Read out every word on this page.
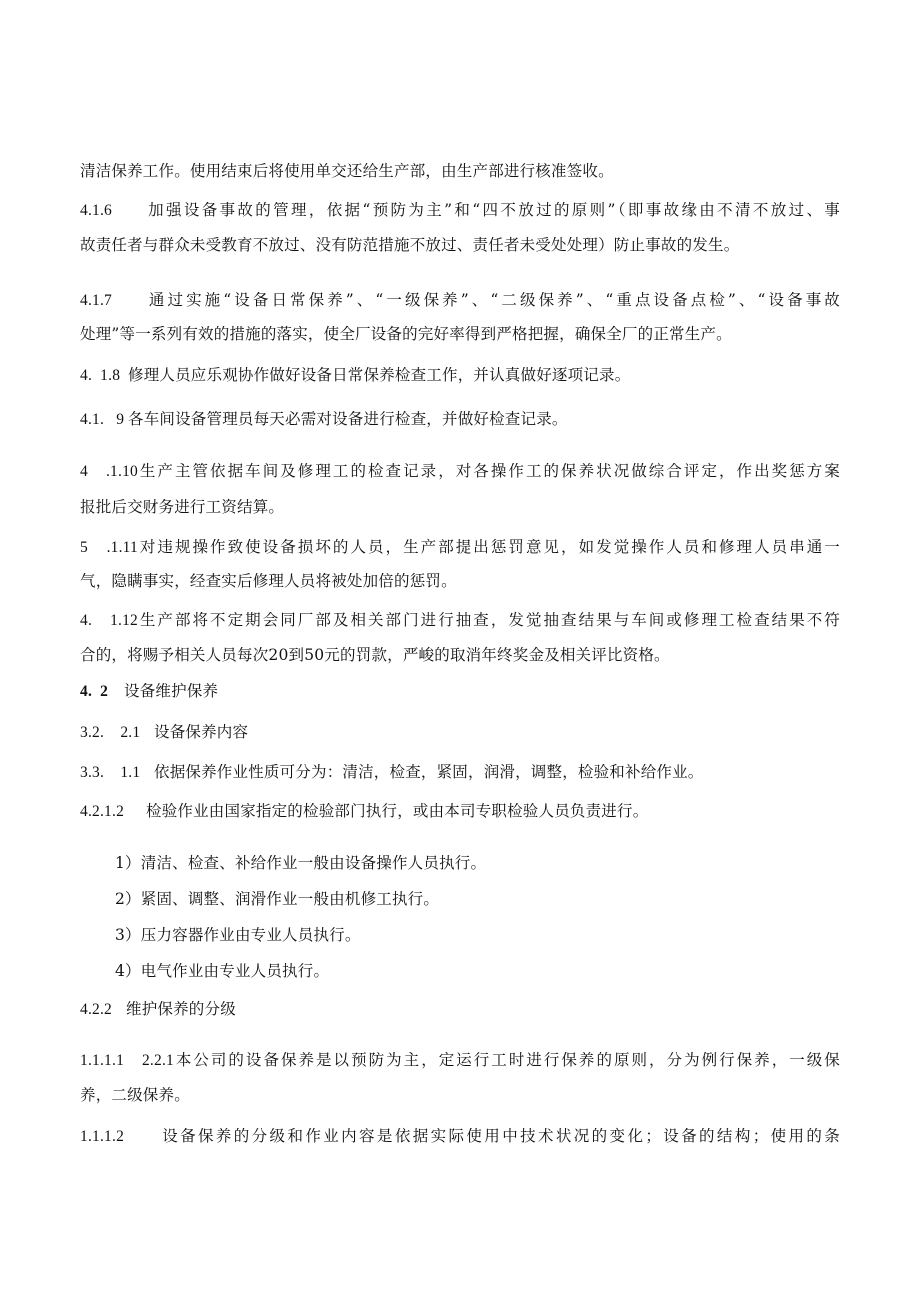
清洁保养工作。使用结束后将使用单交还给生产部，由生产部进行核准签收。
4.1.6 加强设备事故的管理，依据“预防为主”和“四不放过的原则”（即事故缘由不清不放过、事
故责任者与群众未受教育不放过、没有防范措施不放过、责任者未受处处理）防止事故的发生。
4.1.7 通过实施“设备日常保养”、“一级保养”、“二级保养”、“重点设备点检”、“设备事故
处理”等一系列有效的措施的落实，使全厂设备的完好率得到严格把握，确保全厂的正常生产。
4.  1.8 修理人员应乐观协作做好设备日常保养检查工作，并认真做好逐项记录。
4.1.   9 各车间设备管理员每天必需对设备进行检查，并做好检查记录。
4   .1.10生产主管依据车间及修理工的检查记录，对各操作工的保养状况做综合评定，作出奖惩方案
报批后交财务进行工资结算。
5   .1.11对违规操作致使设备损坏的人员，生产部提出惩罚意见，如发觉操作人员和修理人员串通一
气，隐瞒事实，经查实后修理人员将被处加倍的惩罚。
4.  1.12生产部将不定期会同厂部及相关部门进行抽查，发觉抽查结果与车间或修理工检查结果不符
合的，将赐予相关人员每次20到50元的罚款，严峻的取消年终奖金及相关评比资格。
4.  2 设备维护保养
3.2.    2.1 设备保养内容
3.3.    1.1 依据保养作业性质可分为：清洁，检查，紧固，润滑，调整，检验和补给作业。
4.2.1.2 检验作业由国家指定的检验部门执行，或由本司专职检验人员负责进行。
1）清洁、检查、补给作业一般由设备操作人员执行。
2）紧固、调整、润滑作业一般由机修工执行。
3）压力容器作业由专业人员执行。
4）电气作业由专业人员执行。
4.2.2 维护保养的分级
1.1.1.1  2.2.1本公司的设备保养是以预防为主，定运行工时进行保养的原则，分为例行保养，一级保
养，二级保养。
1.1.1.2 设备保养的分级和作业内容是依据实际使用中技术状况的变化；设备的结构；使用的条
